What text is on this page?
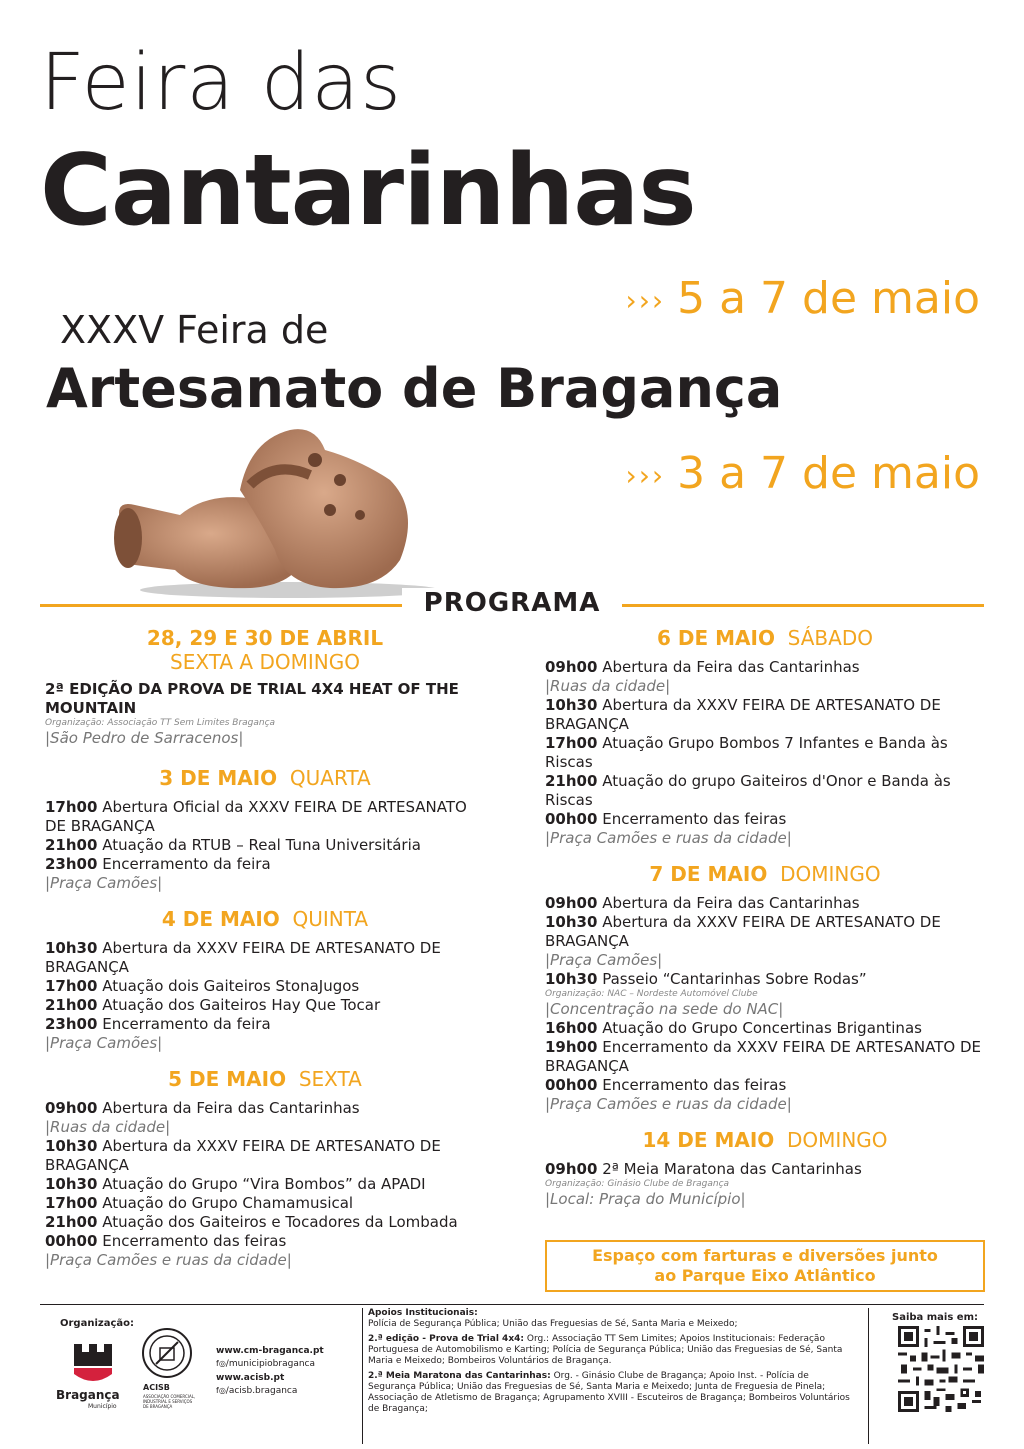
Feira das
Cantarinhas
››› 5 a 7 de maio
XXXV Feira de
Artesanato de Bragança
››› 3 a 7 de maio
PROGRAMA
28, 29 E 30 DE ABRIL
SEXTA A DOMINGO

2ª EDIÇÃO DA PROVA DE TRIAL 4X4 HEAT OF THE MOUNTAIN

Organização: Associação TT Sem Limites Bragança
|São Pedro de Sarracenos|
3 DE MAIO QUARTA

17h00 Abertura Oficial da XXXV FEIRA DE ARTESANATO DE BRAGANÇA

21h00 Atuação da RTUB – Real Tuna Universitária

23h00 Encerramento da feira

|Praça Camões|
4 DE MAIO QUINTA

10h30 Abertura da XXXV FEIRA DE ARTESANATO DE BRAGANÇA

17h00 Atuação dois Gaiteiros StonaJugos

21h00 Atuação dos Gaiteiros Hay Que Tocar

23h00 Encerramento da feira

|Praça Camões|
5 DE MAIO SEXTA

09h00 Abertura da Feira das Cantarinhas

|Ruas da cidade|

10h30 Abertura da XXXV FEIRA DE ARTESANATO DE BRAGANÇA

10h30 Atuação do Grupo “Vira Bombos” da APADI

17h00 Atuação do Grupo Chamamusical

21h00 Atuação dos Gaiteiros e Tocadores da Lombada

00h00 Encerramento das feiras

|Praça Camões e ruas da cidade|
6 DE MAIO SÁBADO

09h00 Abertura da Feira das Cantarinhas

|Ruas da cidade|

10h30 Abertura da XXXV FEIRA DE ARTESANATO DE BRAGANÇA

17h00 Atuação Grupo Bombos 7 Infantes e Banda às Riscas

21h00 Atuação do grupo Gaiteiros d'Onor e Banda às Riscas

00h00 Encerramento das feiras

|Praça Camões e ruas da cidade|
7 DE MAIO DOMINGO

09h00 Abertura da Feira das Cantarinhas

10h30 Abertura da XXXV FEIRA DE ARTESANATO DE BRAGANÇA

|Praça Camões|

10h30 Passeio “Cantarinhas Sobre Rodas”

Organização: NAC – Nordeste Automóvel Clube
|Concentração na sede do NAC|

16h00 Atuação do Grupo Concertinas Brigantinas

19h00 Encerramento da XXXV FEIRA DE ARTESANATO DE BRAGANÇA

00h00 Encerramento das feiras

|Praça Camões e ruas da cidade|
14 DE MAIO DOMINGO

09h00 2ª Meia Maratona das Cantarinhas

Organização: Ginásio Clube de Bragança
|Local: Praça do Município|
Espaço com farturas e diversões junto
ao Parque Eixo Atlântico
Organização:
Bragança
Município
ACISB
ASSOCIAÇÃO COMERCIAL, INDUSTRIAL E SERVIÇOS DE BRAGANÇA
www.cm-braganca.pt
f◎/municipiobraganca
www.acisb.pt
f◎/acisb.braganca
Apoios Institucionais:
Polícia de Segurança Pública; União das Freguesias de Sé, Santa Maria e Meixedo;
2.ª edição - Prova de Trial 4x4: Org.: Associação TT Sem Limites; Apoios Institucionais: Federação Portuguesa de Automobilismo e Karting; Polícia de Segurança Pública; União das Freguesias de Sé, Santa Maria e Meixedo; Bombeiros Voluntários de Bragança.
2.ª Meia Maratona das Cantarinhas: Org. - Ginásio Clube de Bragança; Apoio Inst. - Polícia de Segurança Pública; União das Freguesias de Sé, Santa Maria e Meixedo; Junta de Freguesia de Pinela; Associação de Atletismo de Bragança; Agrupamento XVIII - Escuteiros de Bragança; Bombeiros Voluntários de Bragança;
Saiba mais em:
